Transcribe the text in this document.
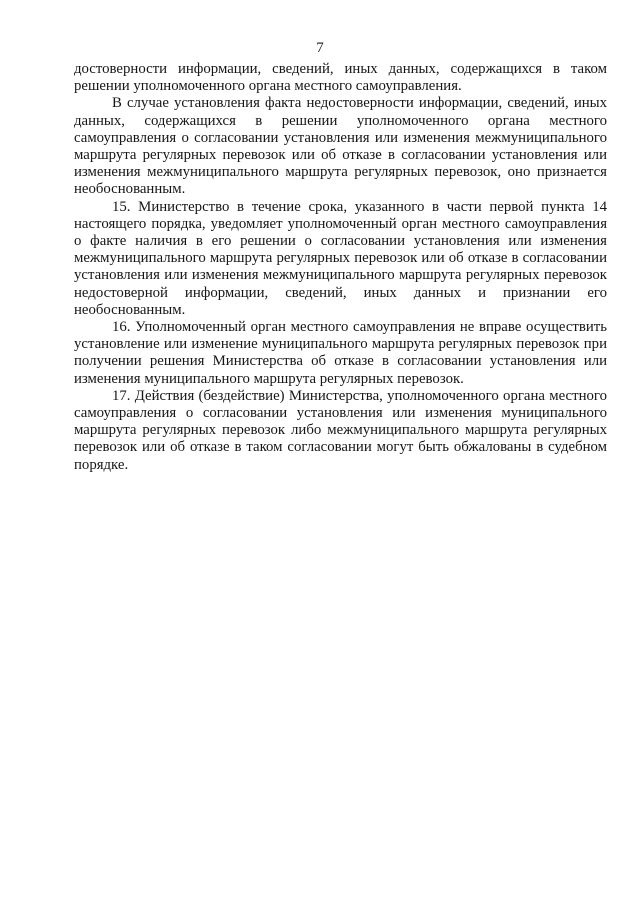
7

достоверности информации, сведений, иных данных, содержащихся в таком решении уполномоченного органа местного самоуправления.

В случае установления факта недостоверности информации, сведений, иных данных, содержащихся в решении уполномоченного органа местного самоуправления о согласовании установления или изменения межмуниципального маршрута регулярных перевозок или об отказе в согласовании установления или изменения межмуниципального маршрута регулярных перевозок, оно признается необоснованным.

15. Министерство в течение срока, указанного в части первой пункта 14 настоящего порядка, уведомляет уполномоченный орган местного самоуправления о факте наличия в его решении о согласовании установления или изменения межмуниципального маршрута регулярных перевозок или об отказе в согласовании установления или изменения межмуниципального маршрута регулярных перевозок недостоверной информации, сведений, иных данных и признании его необоснованным.

16. Уполномоченный орган местного самоуправления не вправе осуществить установление или изменение муниципального маршрута регулярных перевозок при получении решения Министерства об отказе в согласовании установления или изменения муниципального маршрута регулярных перевозок.

17. Действия (бездействие) Министерства, уполномоченного органа местного самоуправления о согласовании установления или изменения муниципального маршрута регулярных перевозок либо межмуниципального маршрута регулярных перевозок или об отказе в таком согласовании могут быть обжалованы в судебном порядке.
